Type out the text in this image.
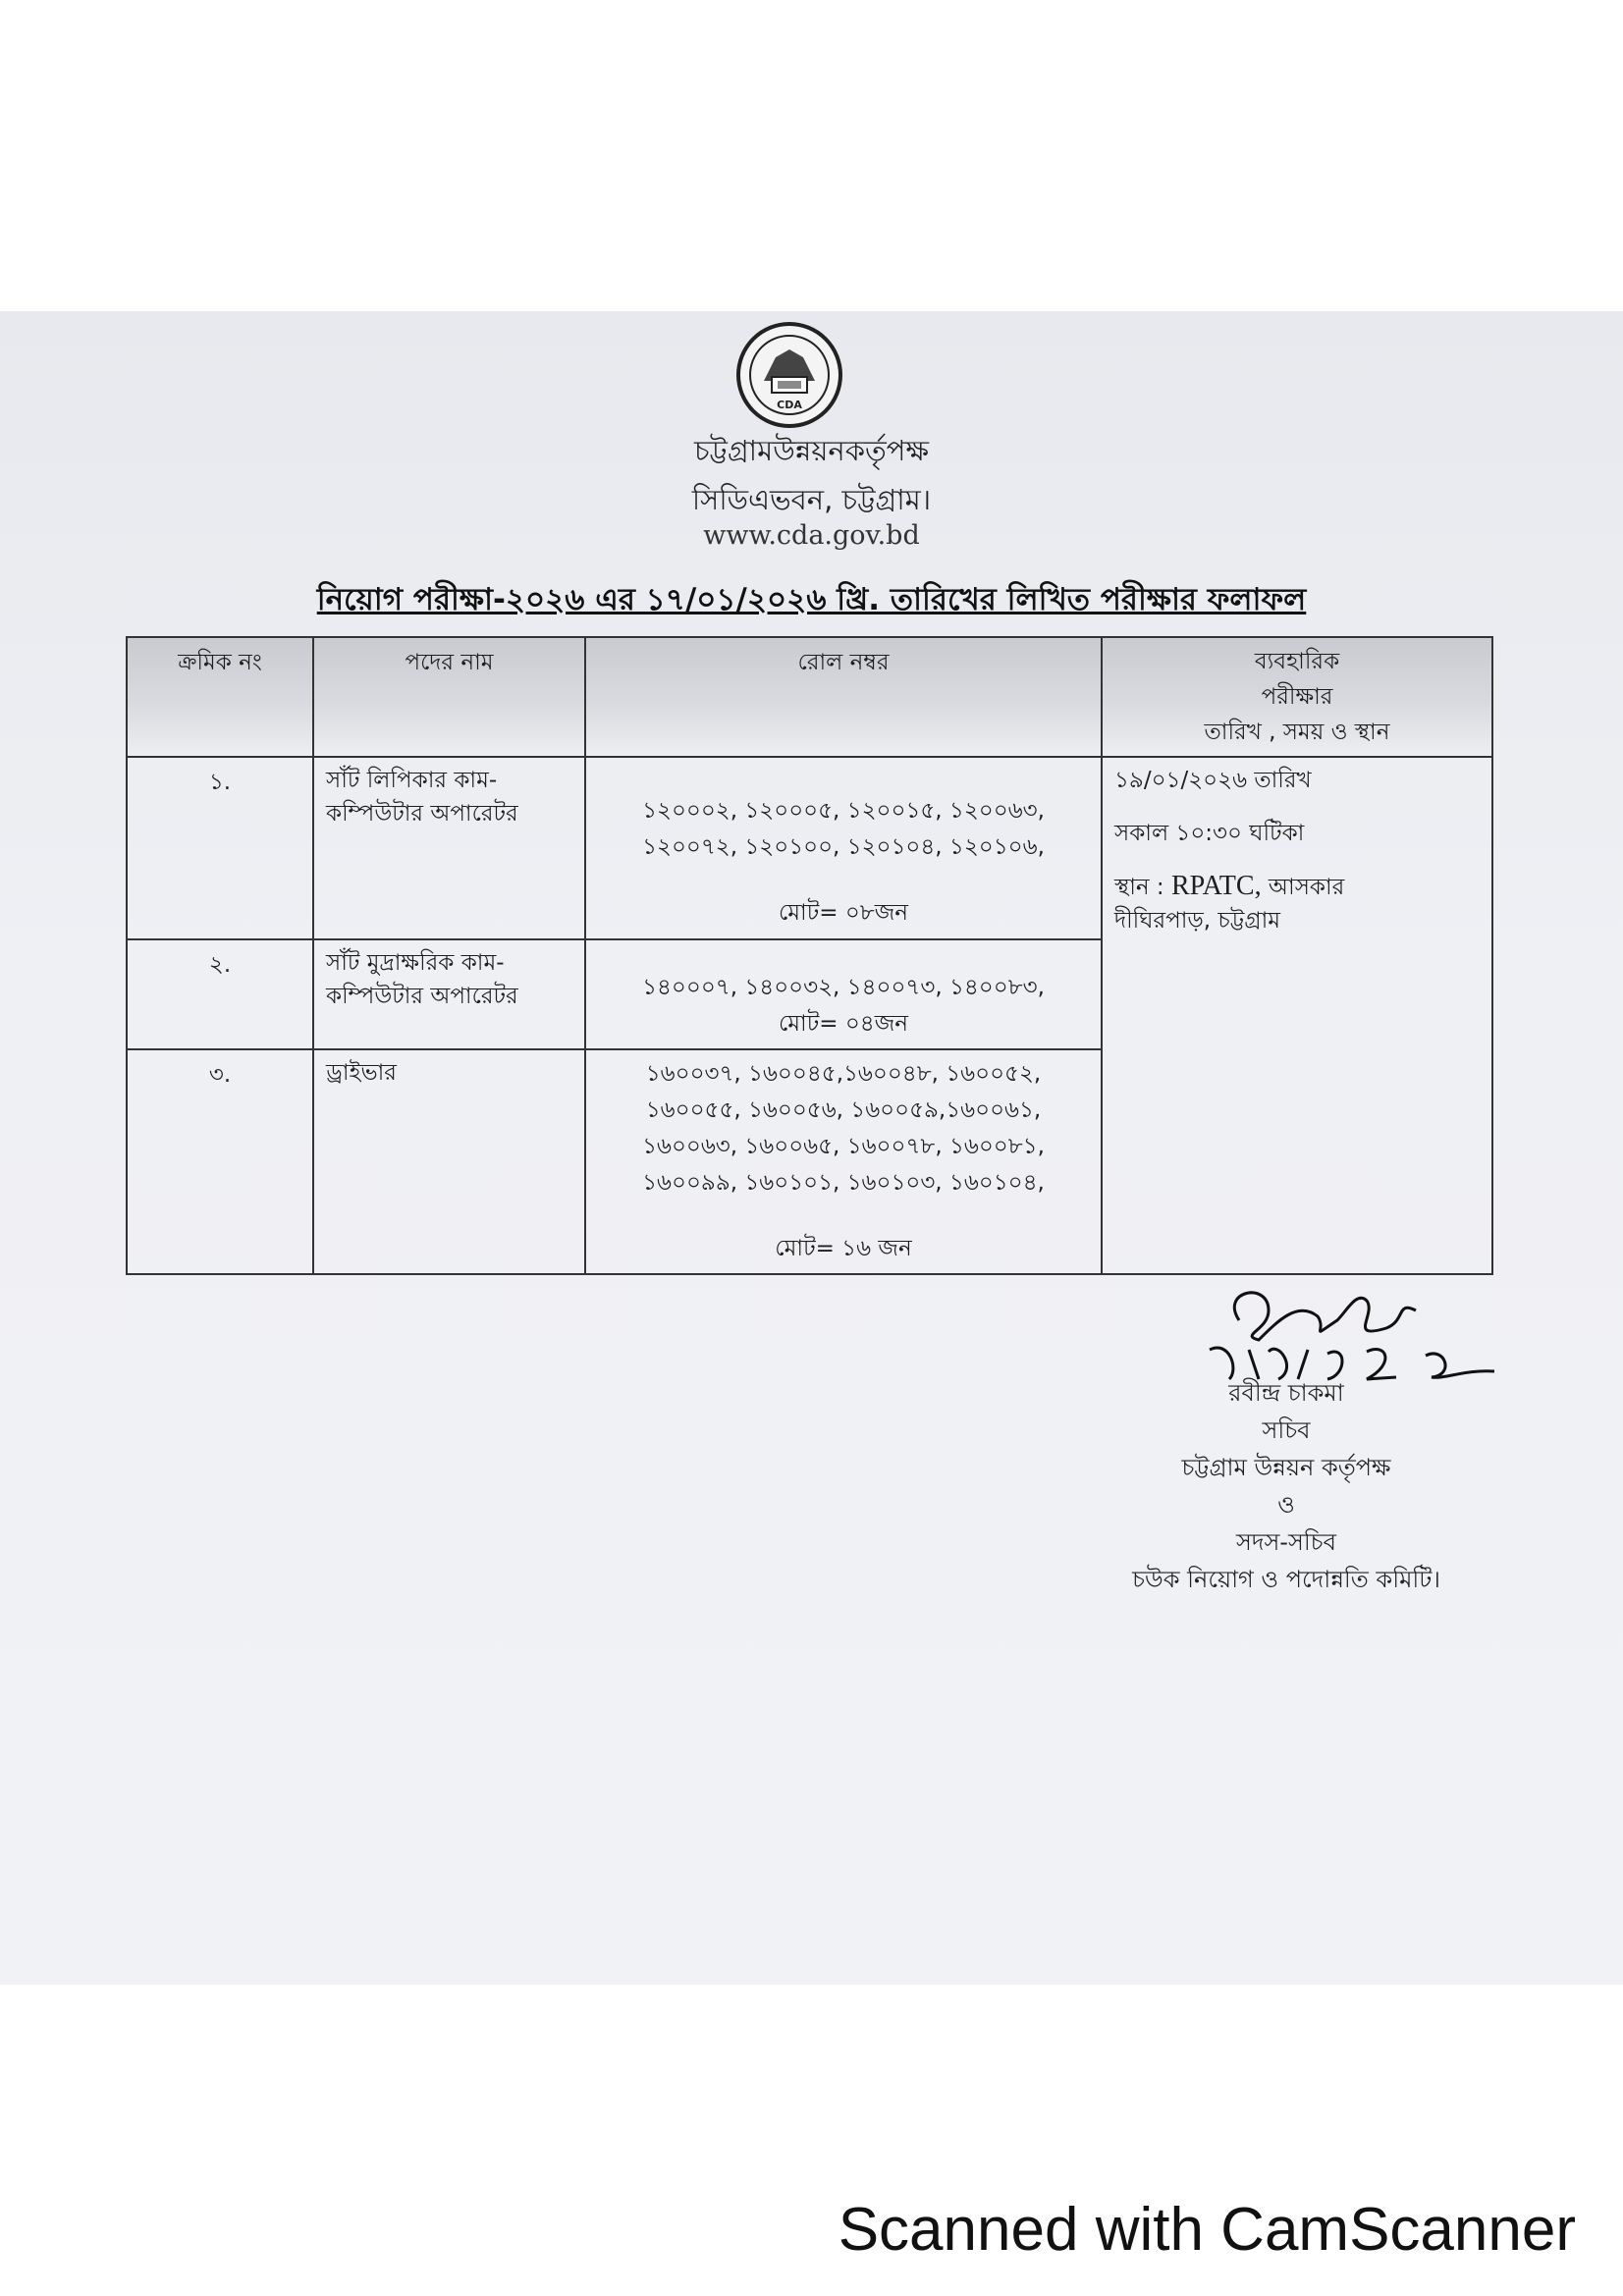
CDA
চট্টগ্রামউন্নয়নকর্তৃপক্ষ
সিডিএভবন, চট্টগ্রাম।
www.cda.gov.bd
নিয়োগ পরীক্ষা-২০২৬ এর ১৭/০১/২০২৬ খ্রি. তারিখের লিখিত পরীক্ষার ফলাফল
ক্রমিক নং	পদের নাম	রোল নম্বর	ব্যবহারিক
পরীক্ষার
তারিখ , সময় ও স্থান

১.	সাঁট লিপিকার কাম-
কম্পিউটার অপারেটর	১২০০০২, ১২০০০৫, ১২০০১৫, ১২০০৬৩,
১২০০৭২, ১২০১০০, ১২০১০৪, ১২০১০৬,
মোট= ০৮জন	১৯/০১/২০২৬ তারিখ
সকাল ১০:৩০ ঘটিকা
স্থান : RPATC, আসকার
দীঘিরপাড়, চট্টগ্রাম

২.	সাঁট মুদ্রাক্ষরিক কাম-
কম্পিউটার অপারেটর	১৪০০০৭, ১৪০০৩২, ১৪০০৭৩, ১৪০০৮৩,
মোট= ০৪জন	

৩.	ড্রাইভার	১৬০০৩৭, ১৬০০৪৫,১৬০০৪৮, ১৬০০৫২,
১৬০০৫৫, ১৬০০৫৬, ১৬০০৫৯,১৬০০৬১,
১৬০০৬৩, ১৬০০৬৫, ১৬০০৭৮, ১৬০০৮১,
১৬০০৯৯, ১৬০১০১, ১৬০১০৩, ১৬০১০৪,
মোট= ১৬ জন	
রবীন্দ্র চাকমা
সচিব
চট্টগ্রাম উন্নয়ন কর্তৃপক্ষ
ও
সদস-সচিব
চউক নিয়োগ ও পদোন্নতি কমিটি।
Scanned with CamScanner
